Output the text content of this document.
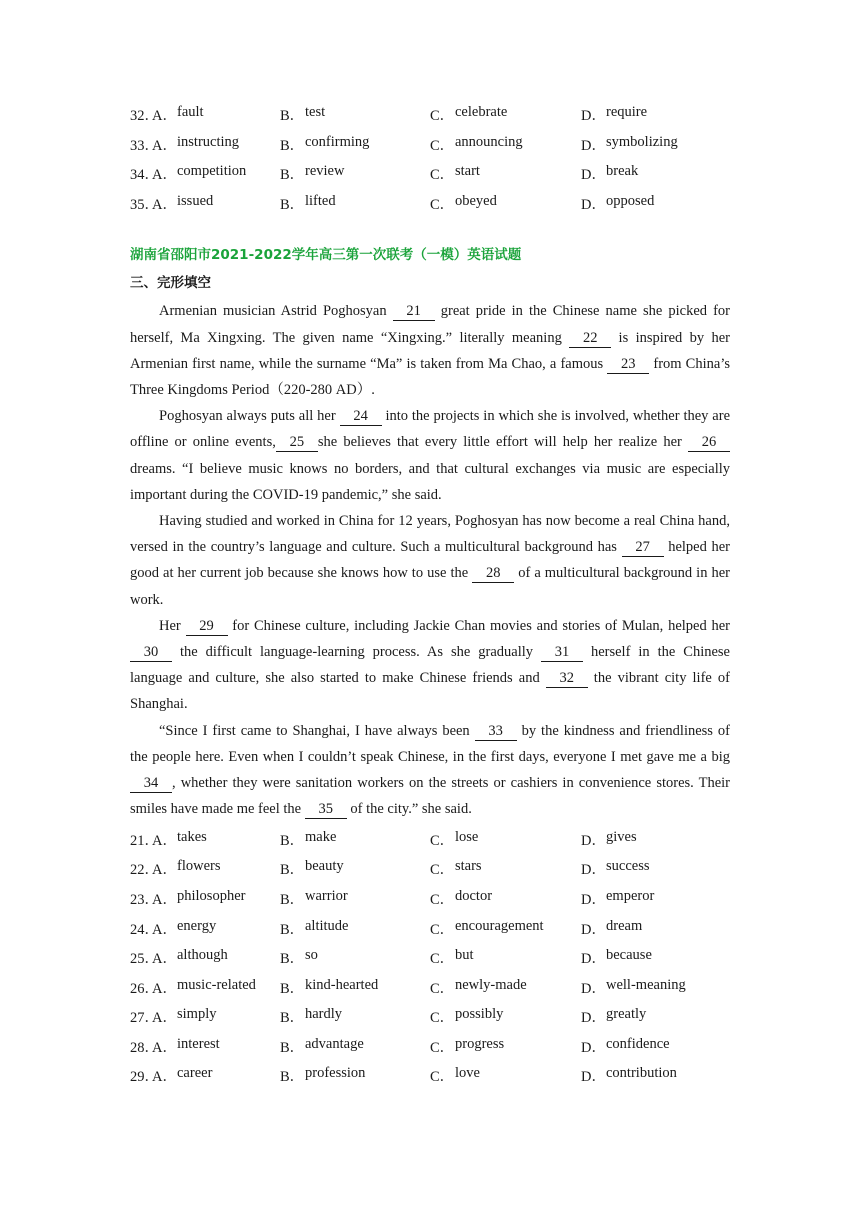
32．
A． fault	B． test	C． celebrate	D． require
33．
A． instructing	B． confirming	C． announcing	D． symbolizing
34．
A． competition B． review	C． start	D． break
35．
A． issued	B． lifted	C． obeyed	D． opposed
湖南省邵阳市2021-2022学年高三第一次联考（一模）英语试题
三、完形填空

Armenian musician Astrid Poghosyan 21 great pride in the Chinese name she picked for herself, Ma Xingxing. The given name “Xingxing.” literally meaning 22 is inspired by her Armenian first name, while the surname “Ma” is taken from Ma Chao, a famous 23 from China’s Three Kingdoms Period（220-280 AD）.

Poghosyan always puts all her 24 into the projects in which she is involved, whether they are offline or online events, 25 she believes that every little effort will help her realize her 26 dreams. “I believe music knows no borders, and that cultural exchanges via music are especially important during the COVID-19 pandemic,” she said.

Having studied and worked in China for 12 years, Poghosyan has now become a real China hand, versed in the country’s language and culture. Such a multicultural background has 27 helped her good at her current job because she knows how to use the 28 of a multicultural background in her work.

Her 29 for Chinese culture, including Jackie Chan movies and stories of Mulan, helped her 30 the difficult language-learning process. As she gradually 31 herself in the Chinese language and culture, she also started to make Chinese friends and 32 the vibrant city life of Shanghai.

“Since I first came to Shanghai, I have always been 33 by the kindness and friendliness of the people here. Even when I couldn’t speak Chinese, in the first days, everyone I met gave me a big 34 , whether they were sanitation workers on the streets or cashiers in convenience stores. Their smiles have made me feel the 35 of the city.” she said.

21．
A． takes	B． make	C． lose	D． gives
22．
A． flowers	B． beauty	C． stars	D． success
23．
A． philosopher B． warrior	C． doctor	D． emperor
24．
A． energy	B． altitude	C． encouragement	D． dream
25．
A． although	B． so	C． but	D． because
26．
A． music-related B． kind-hearted	C． newly-made	D． well-meaning
27．
A． simply	B． hardly	C． possibly	D． greatly
28．
A． interest	B． advantage	C． progress	D． confidence
29．
A． career	B． profession	C． love	D． contribution
